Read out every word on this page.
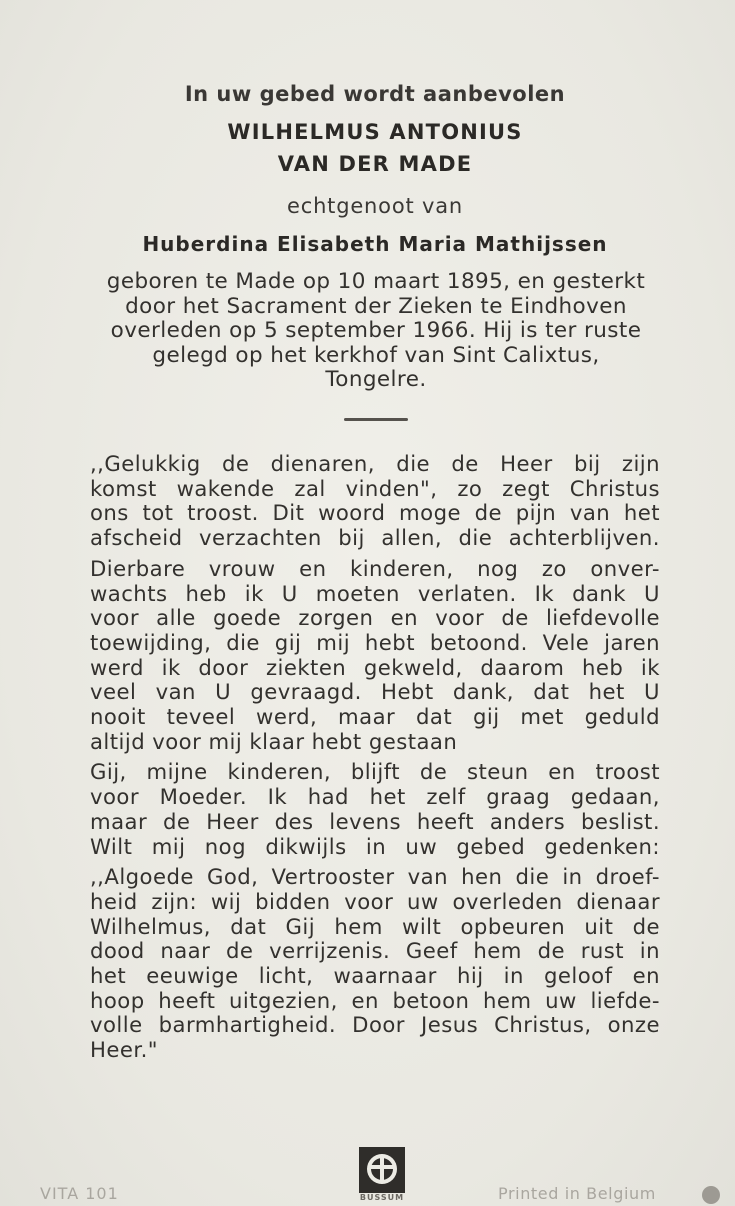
In uw gebed wordt aanbevolen
WILHELMUS ANTONIUS
VAN DER MADE
echtgenoot van
Huberdina Elisabeth Maria Mathijssen
geboren te Made op 10 maart 1895, en gesterkt
door het Sacrament der Zieken te Eindhoven
overleden op 5 september 1966. Hij is ter ruste
gelegd op het kerkhof van Sint Calixtus,
Tongelre.
,,Gelukkig de dienaren, die de Heer bij zijn
komst wakende zal vinden", zo zegt Christus
ons tot troost. Dit woord moge de pijn van het
afscheid verzachten bij allen, die achterblijven.
Dierbare vrouw en kinderen, nog zo onver-
wachts heb ik U moeten verlaten. Ik dank U
voor alle goede zorgen en voor de liefdevolle
toewijding, die gij mij hebt betoond. Vele jaren
werd ik door ziekten gekweld, daarom heb ik
veel van U gevraagd. Hebt dank, dat het U
nooit teveel werd, maar dat gij met geduld
altijd voor mij klaar hebt gestaan
Gij, mijne kinderen, blijft de steun en troost
voor Moeder. Ik had het zelf graag gedaan,
maar de Heer des levens heeft anders beslist.
Wilt mij nog dikwijls in uw gebed gedenken:
,,Algoede God, Vertrooster van hen die in droef-
heid zijn: wij bidden voor uw overleden dienaar
Wilhelmus, dat Gij hem wilt opbeuren uit de
dood naar de verrijzenis. Geef hem de rust in
het eeuwige licht, waarnaar hij in geloof en
hoop heeft uitgezien, en betoon hem uw liefde-
volle barmhartigheid. Door Jesus Christus, onze
Heer."
VITA 101	BUSSUM	Printed in Belgium
